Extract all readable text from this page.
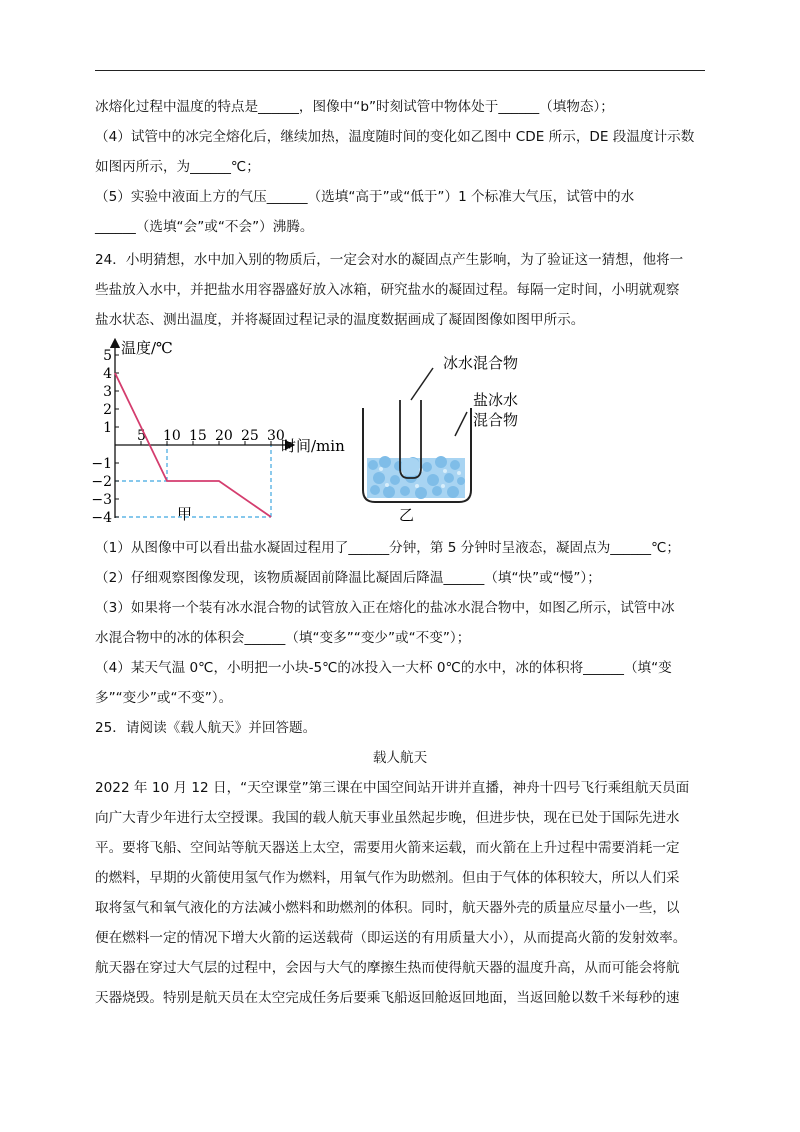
冰熔化过程中温度的特点是______，图像中“b”时刻试管中物体处于______（填物态）；
（4）试管中的冰完全熔化后，继续加热，温度随时间的变化如乙图中 CDE 所示，DE 段温度计示数
如图丙所示，为______℃；
（5）实验中液面上方的气压______（选填“高于”或“低于”）1 个标准大气压，试管中的水
______（选填“会”或“不会”）沸腾。
24．小明猜想，水中加入别的物质后，一定会对水的凝固点产生影响，为了验证这一猜想，他将一
些盐放入水中，并把盐水用容器盛好放入冰箱，研究盐水的凝固过程。每隔一定时间，小明就观察
盐水状态、测出温度，并将凝固过程记录的温度数据画成了凝固图像如图甲所示。
温度/℃
时间/min
甲
5 10 15 20 25 30
5
4
3
2
1
−1
−2
−3
−4
冰水混合物
盐冰水
混合物
乙
（1）从图像中可以看出盐水凝固过程用了______分钟，第 5 分钟时呈液态，凝固点为______℃；
（2）仔细观察图像发现，该物质凝固前降温比凝固后降温______（填“快”或“慢”）；
（3）如果将一个装有冰水混合物的试管放入正在熔化的盐冰水混合物中，如图乙所示，试管中冰
水混合物中的冰的体积会______（填“变多”“变少”或“不变”）；
（4）某天气温 0℃，小明把一小块-5℃的冰投入一大杯 0℃的水中，冰的体积将______（填“变
多”“变少”或“不变”）。
25．请阅读《载人航天》并回答题。
载人航天
2022 年 10 月 12 日，“天空课堂”第三课在中国空间站开讲并直播，神舟十四号飞行乘组航天员面
向广大青少年进行太空授课。我国的载人航天事业虽然起步晚，但进步快，现在已处于国际先进水
平。要将飞船、空间站等航天器送上太空，需要用火箭来运载，而火箭在上升过程中需要消耗一定
的燃料，早期的火箭使用氢气作为燃料，用氧气作为助燃剂。但由于气体的体积较大，所以人们采
取将氢气和氧气液化的方法减小燃料和助燃剂的体积。同时，航天器外壳的质量应尽量小一些，以
便在燃料一定的情况下增大火箭的运送载荷（即运送的有用质量大小），从而提高火箭的发射效率。
航天器在穿过大气层的过程中，会因与大气的摩擦生热而使得航天器的温度升高，从而可能会将航
天器烧毁。特别是航天员在太空完成任务后要乘飞船返回舱返回地面，当返回舱以数千米每秒的速
